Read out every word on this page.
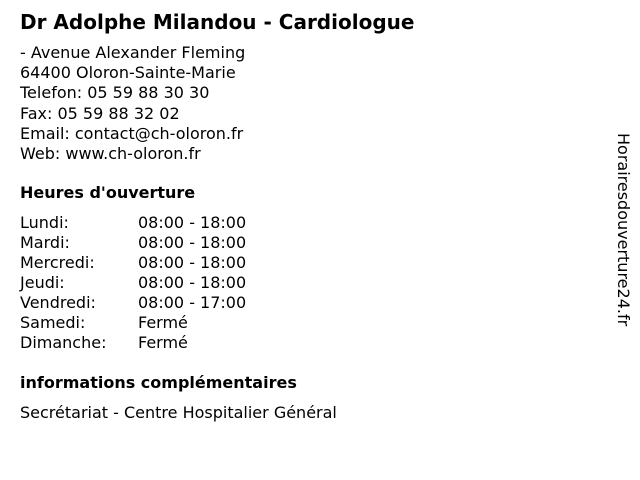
Dr Adolphe Milandou - Cardiologue
- Avenue Alexander Fleming
64400 Oloron-Sainte-Marie
Telefon: 05 59 88 30 30
Fax: 05 59 88 32 02
Email: contact@ch-oloron.fr
Web: www.ch-oloron.fr
Heures d'ouverture
Lundi:	08:00 - 18:00
Mardi:	08:00 - 18:00
Mercredi:	08:00 - 18:00
Jeudi:	08:00 - 18:00
Vendredi:	08:00 - 17:00
Samedi:	Fermé
Dimanche: Fermé
informations complémentaires
Secrétariat - Centre Hospitalier Général
Horairesdouverture24.fr
